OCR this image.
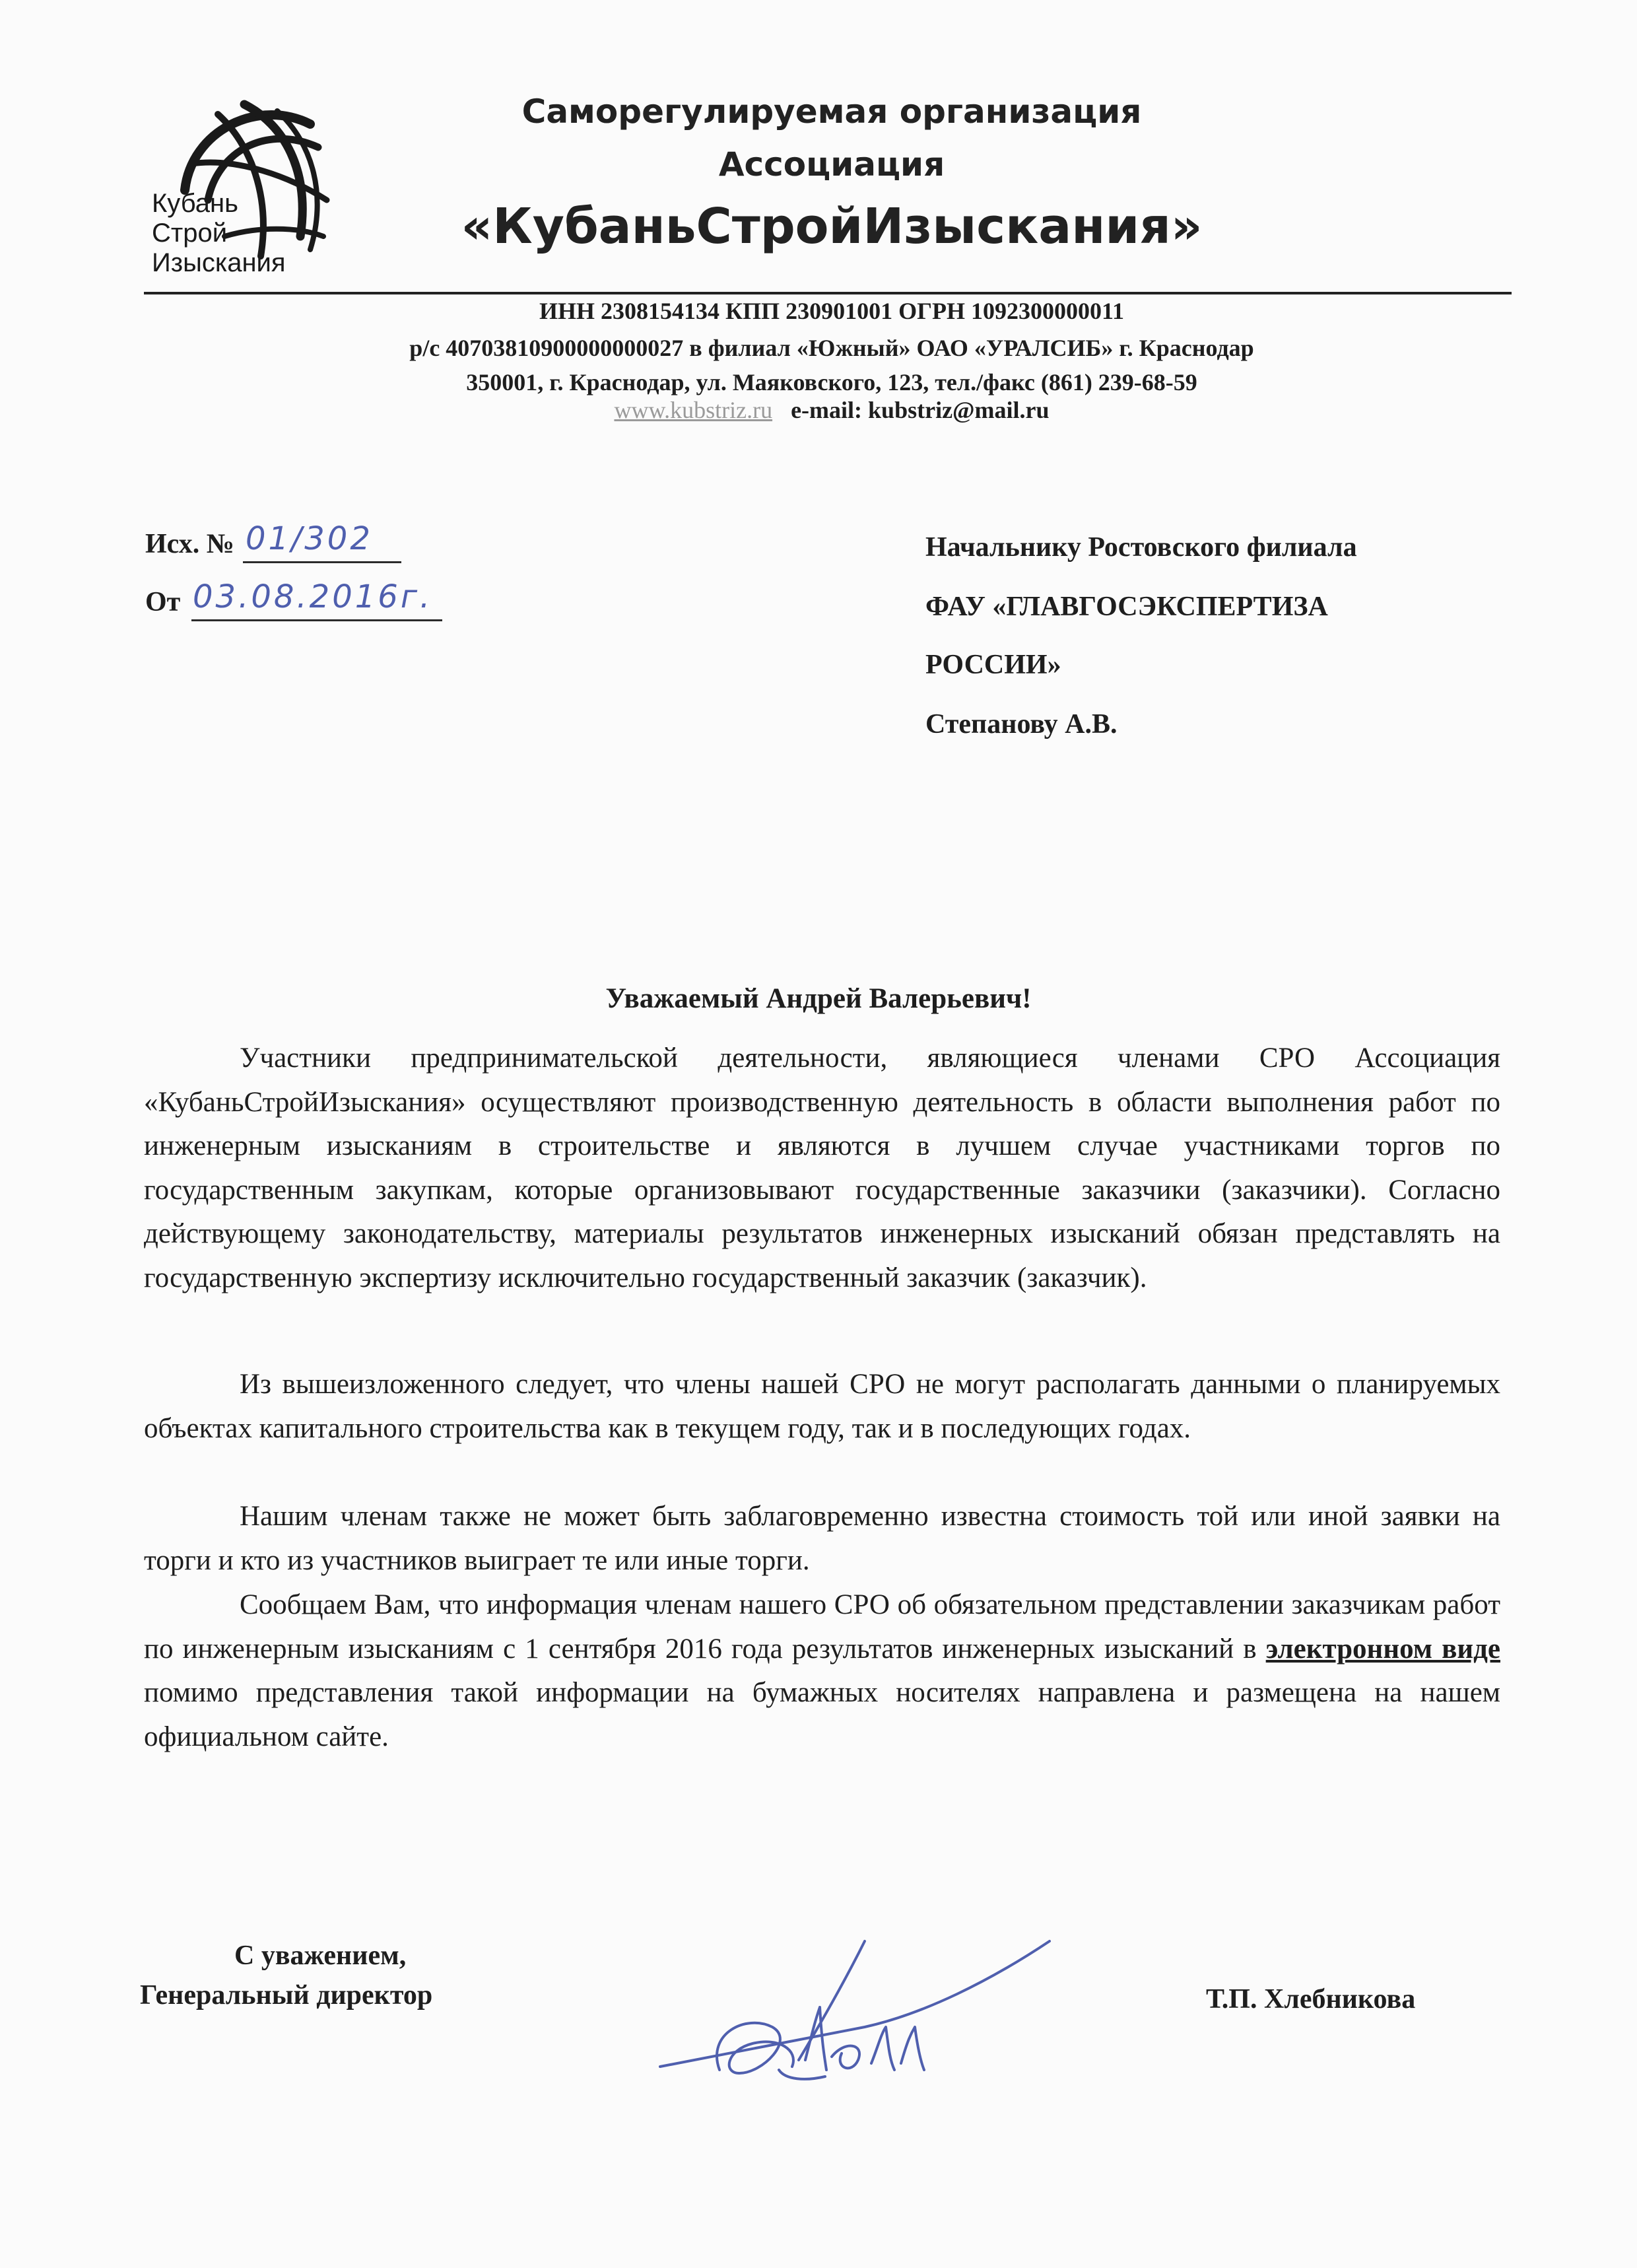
Кубань
Строй
Изыскания
Саморегулируемая организация
Ассоциация
«КубаньСтройИзыскания»
ИНН 2308154134 КПП 230901001 ОГРН 1092300000011
р/с 40703810900000000027 в филиал «Южный» ОАО «УРАЛСИБ» г. Краснодар
350001, г. Краснодар, ул. Маяковского, 123, тел./факс (861) 239-68-59
www.kubstriz.ru e-mail: kubstriz@mail.ru
Исх. № 01/302
От 03.08.2016г.
Начальнику Ростовского филиала
ФАУ «ГЛАВГОСЭКСПЕРТИЗА
РОССИИ»
Степанову А.В.
Уважаемый Андрей Валерьевич!
Участники предпринимательской деятельности, являющиеся членами СРО Ассоциация «КубаньСтройИзыскания» осуществляют производственную деятельность в области выполнения работ по инженерным изысканиям в строительстве и являются в лучшем случае участниками торгов по государственным закупкам, которые организовывают государственные заказчики (заказчики). Согласно действующему законодательству, материалы результатов инженерных изысканий обязан представлять на государственную экспертизу исключительно государственный заказчик (заказчик).
Из вышеизложенного следует, что члены нашей СРО не могут располагать данными о планируемых объектах капитального строительства как в текущем году, так и в последующих годах.
Нашим членам также не может быть заблаговременно известна стоимость той или иной заявки на торги и кто из участников выиграет те или иные торги.
Сообщаем Вам, что информация членам нашего СРО об обязательном представлении заказчикам работ по инженерным изысканиям с 1 сентября 2016 года результатов инженерных изысканий в электронном виде помимо представления такой информации на бумажных носителях направлена и размещена на нашем официальном сайте.
С уважением,
Генеральный директор	Т.П. Хлебникова
